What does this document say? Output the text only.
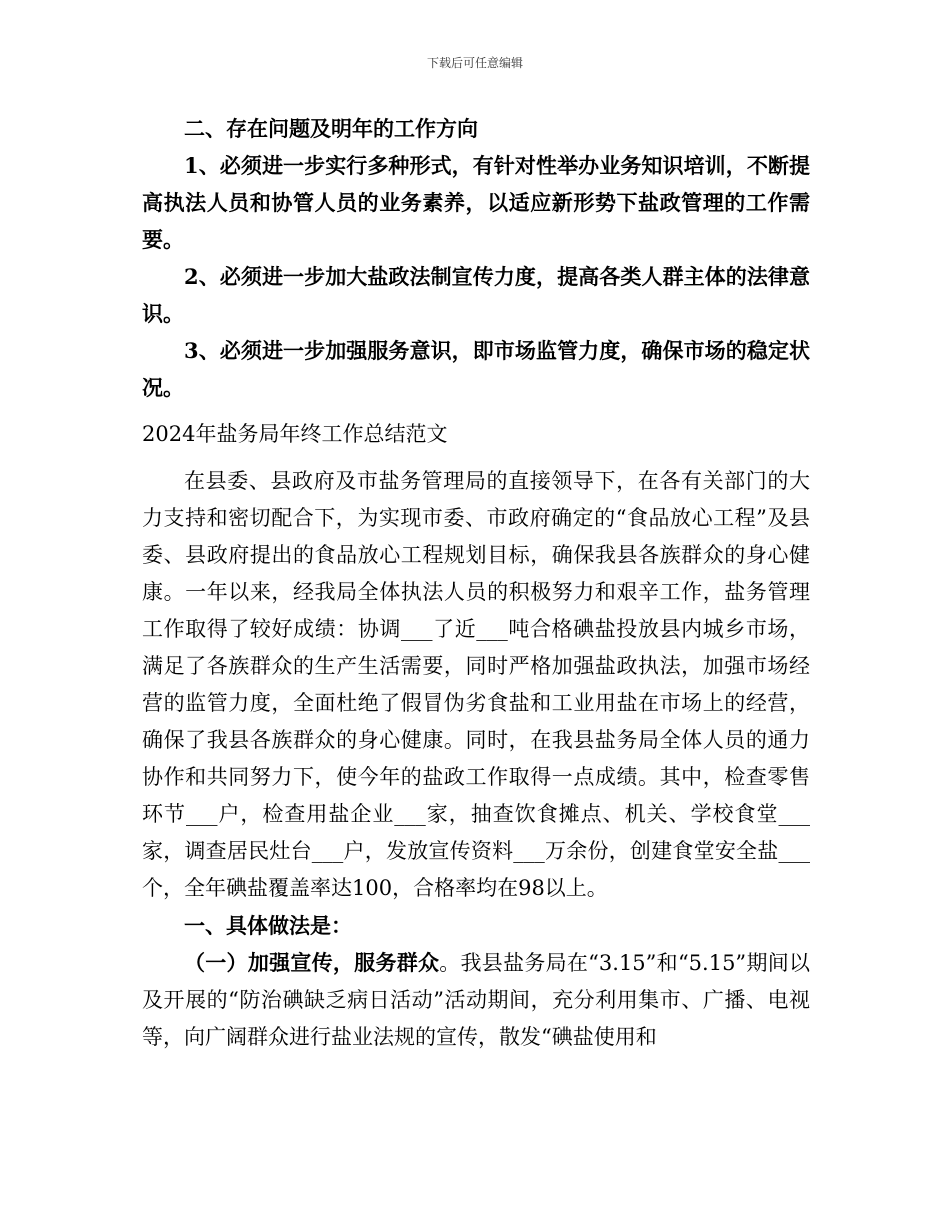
下载后可任意编辑

二、存在问题及明年的工作方向

1、必须进一步实行多种形式，有针对性举办业务知识培训，不断提高执法人员和协管人员的业务素养，以适应新形势下盐政管理的工作需要。

2、必须进一步加大盐政法制宣传力度，提高各类人群主体的法律意识。

3、必须进一步加强服务意识，即市场监管力度，确保市场的稳定状况。

2024年盐务局年终工作总结范文

在县委、县政府及市盐务管理局的直接领导下，在各有关部门的大力支持和密切配合下，为实现市委、市政府确定的“食品放心工程”及县委、县政府提出的食品放心工程规划目标，确保我县各族群众的身心健康。一年以来，经我局全体执法人员的积极努力和艰辛工作，盐务管理工作取得了较好成绩：协调___了近___吨合格碘盐投放县内城乡市场，满足了各族群众的生产生活需要，同时严格加强盐政执法，加强市场经营的监管力度，全面杜绝了假冒伪劣食盐和工业用盐在市场上的经营，确保了我县各族群众的身心健康。同时，在我县盐务局全体人员的通力协作和共同努力下，使今年的盐政工作取得一点成绩。其中，检查零售环节___户，检查用盐企业___家，抽查饮食摊点、机关、学校食堂___家，调查居民灶台___户，发放宣传资料___万余份，创建食堂安全盐___个，全年碘盐覆盖率达100，合格率均在98以上。

一、具体做法是：

（一）加强宣传，服务群众。我县盐务局在“3.15”和“5.15”期间以及开展的“防治碘缺乏病日活动”活动期间，充分利用集市、广播、电视等，向广阔群众进行盐业法规的宣传，散发“碘盐使用和
